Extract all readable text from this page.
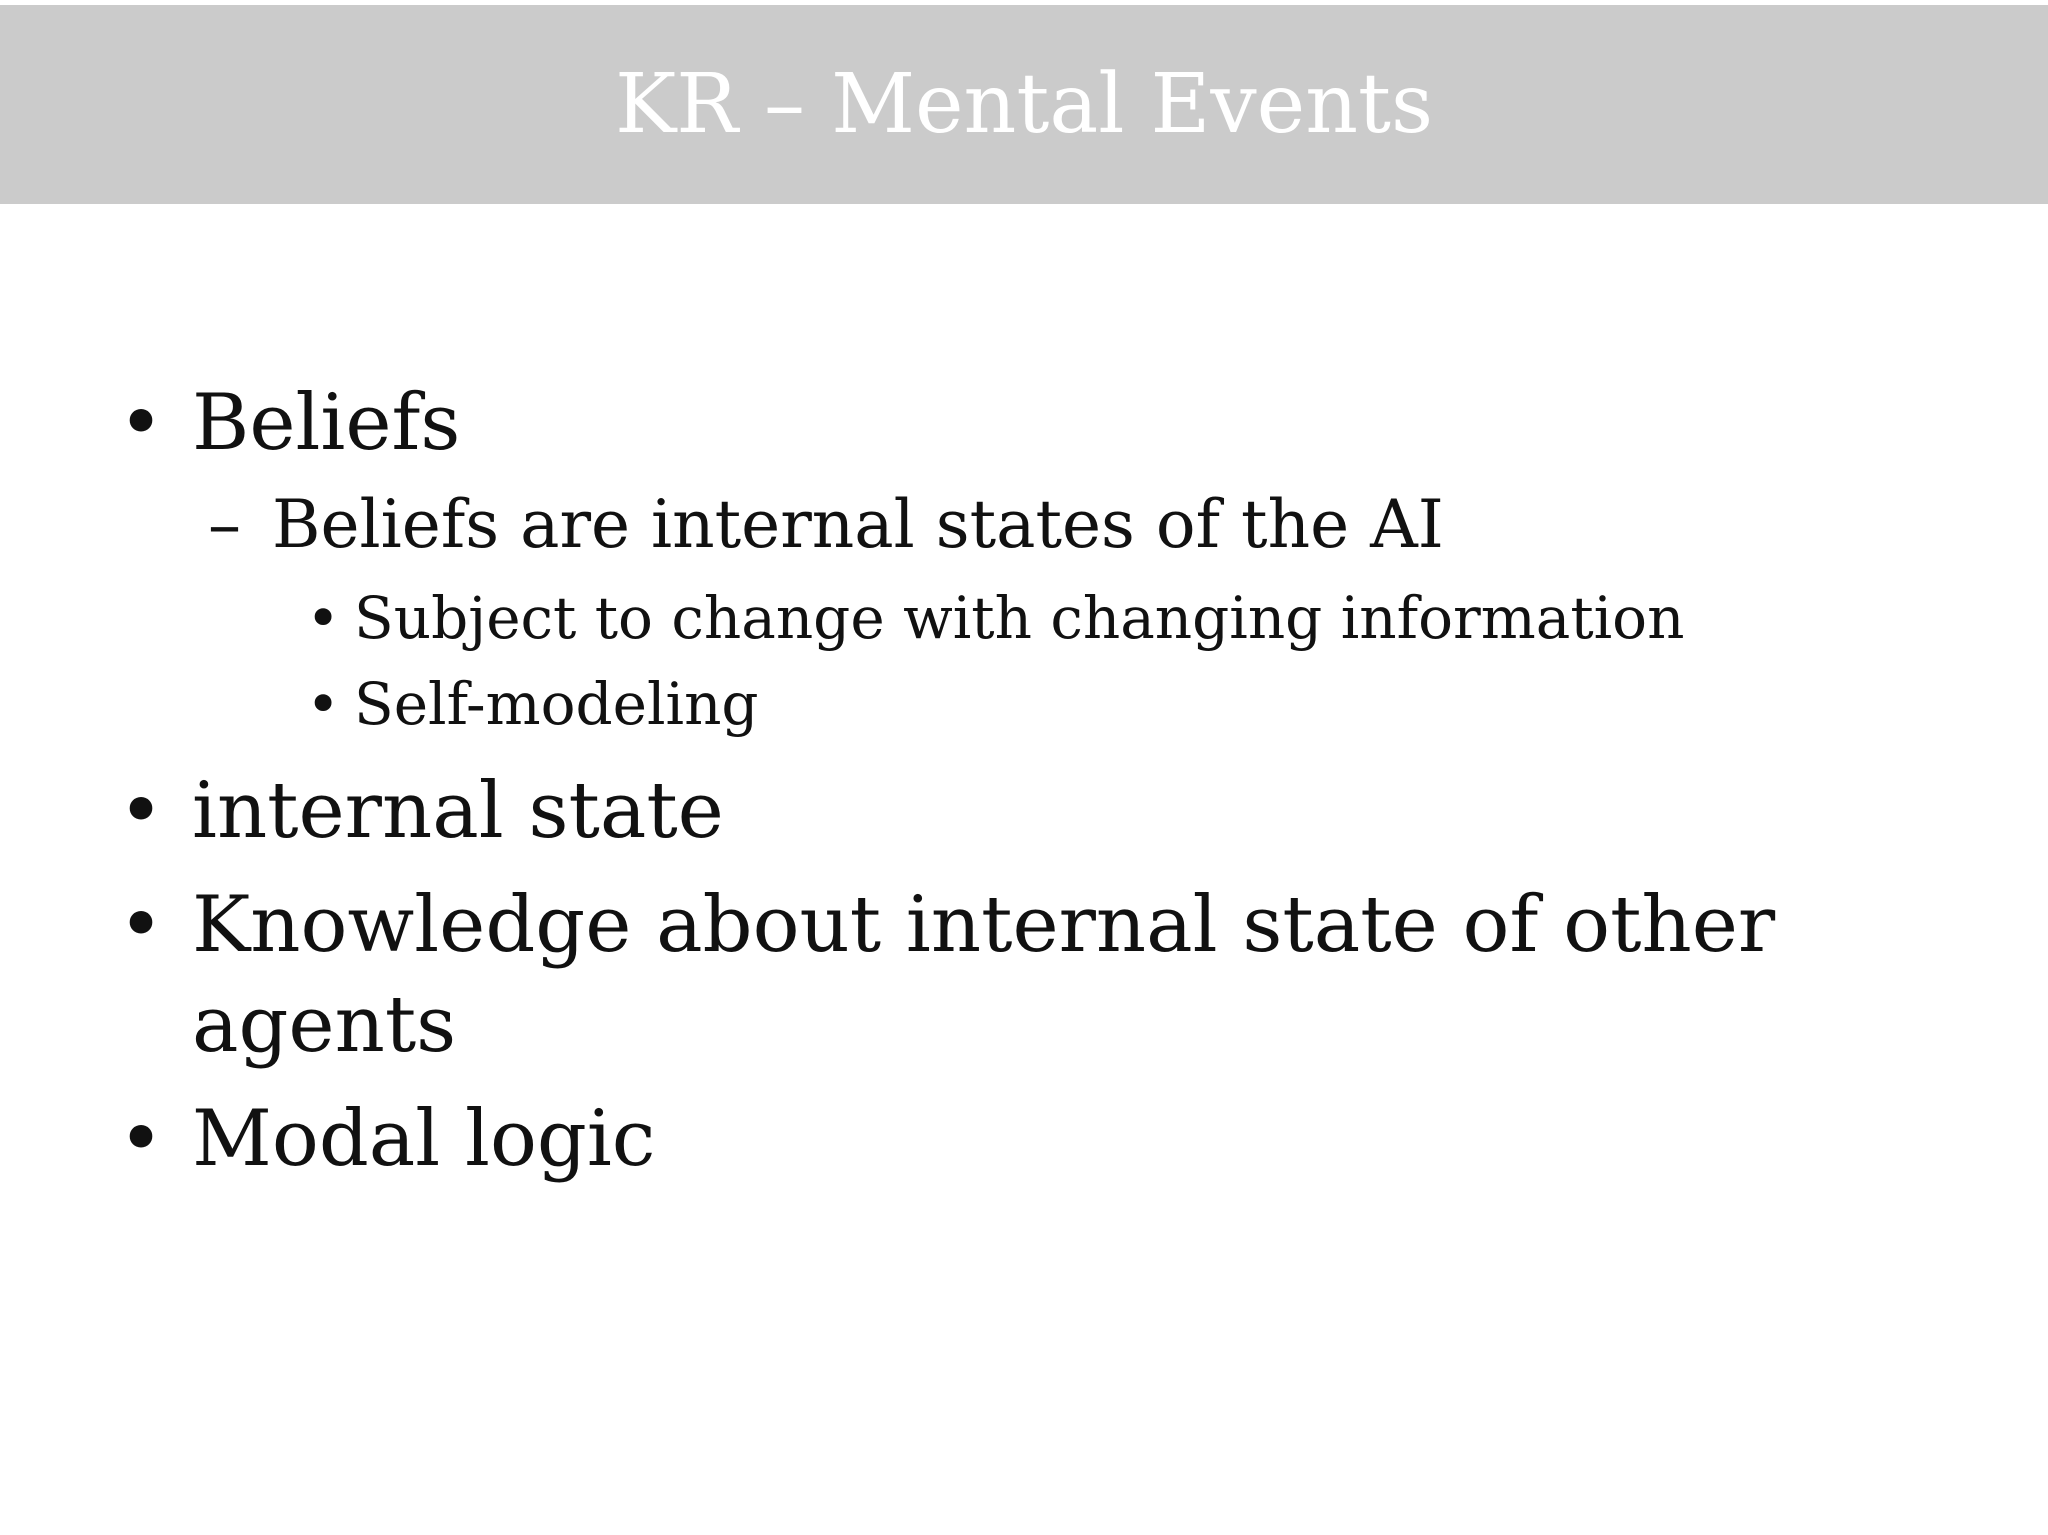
KR – Mental Events
• Beliefs
– Beliefs are internal states of the AI
• Subject to change with changing information
• Self-modeling
• internal state
• Knowledge about internal state of other
agents
• Modal logic
